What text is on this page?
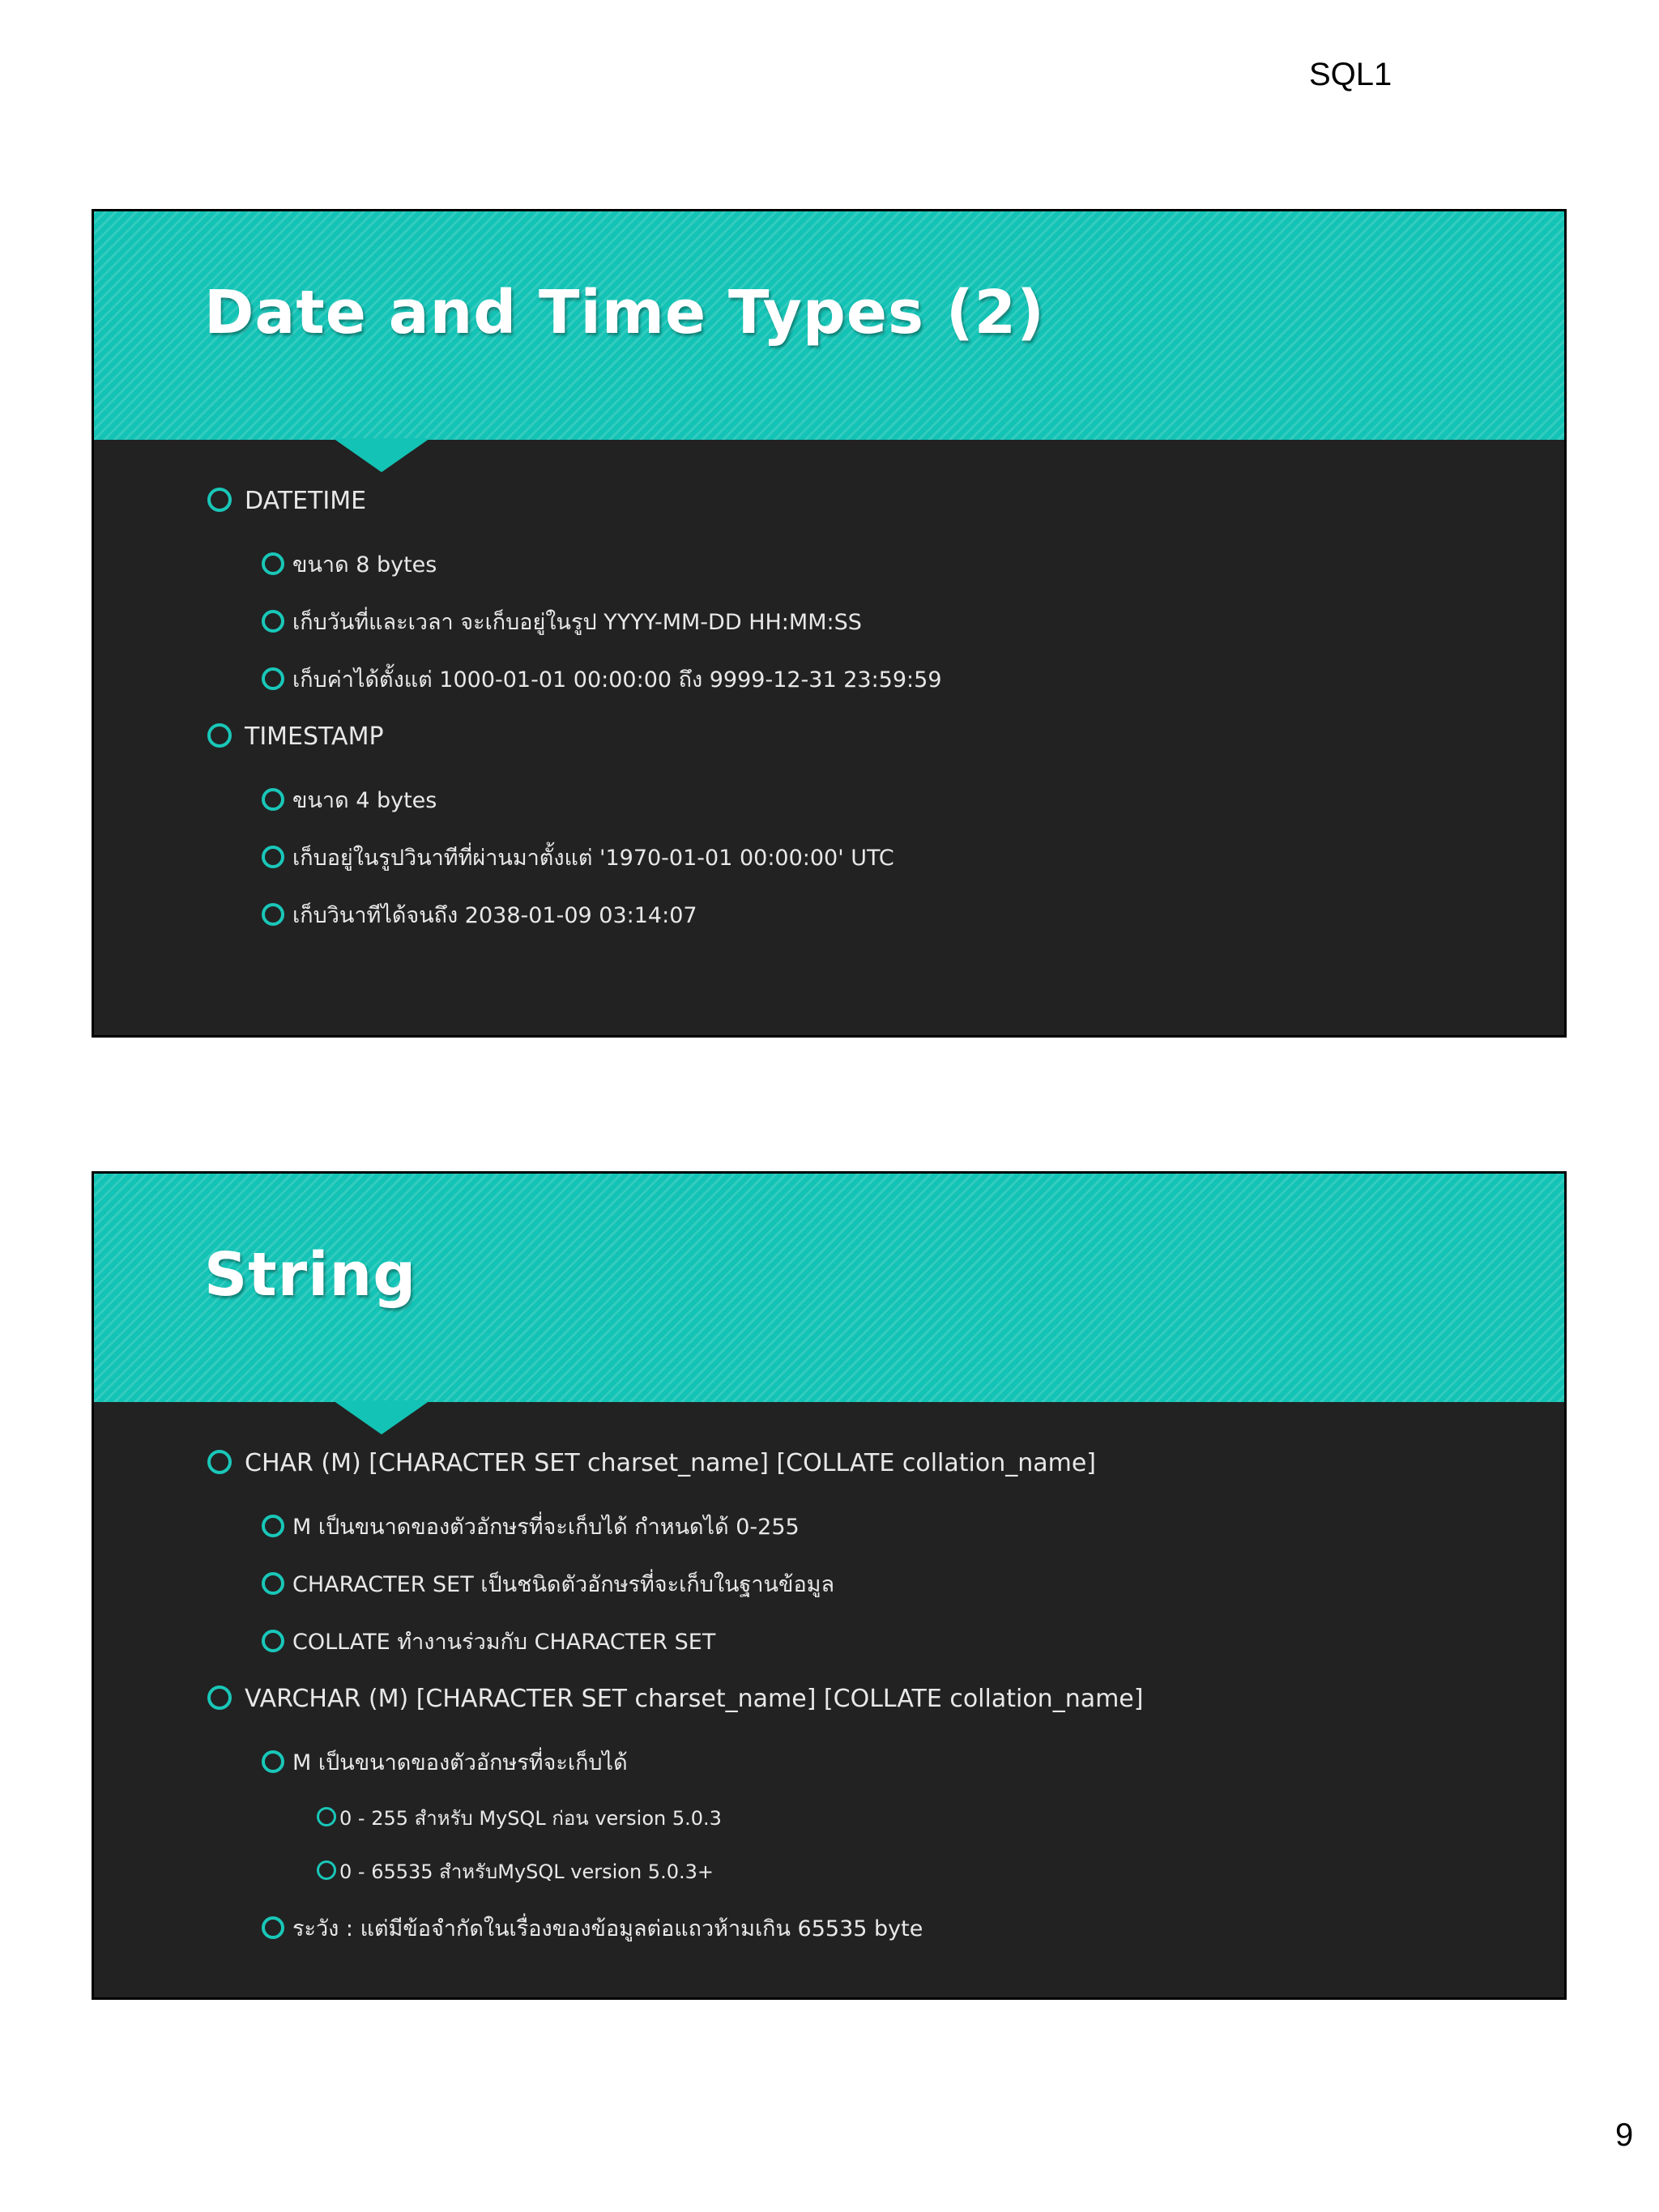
SQL1
Date and Time Types (2)
DATETIME
ขนาด 8 bytes
เก็บวันที่และเวลา จะเก็บอยู่ในรูป YYYY-MM-DD HH:MM:SS
เก็บค่าได้ตั้งแต่ 1000-01-01 00:00:00 ถึง 9999-12-31 23:59:59
TIMESTAMP
ขนาด 4 bytes
เก็บอยู่ในรูปวินาทีที่ผ่านมาตั้งแต่ '1970-01-01 00:00:00' UTC
เก็บวินาทีได้จนถึง 2038-01-09 03:14:07
String
CHAR (M) [CHARACTER SET charset_name] [COLLATE collation_name]
M เป็นขนาดของตัวอักษรที่จะเก็บได้ กำหนดได้ 0-255
CHARACTER SET เป็นชนิดตัวอักษรที่จะเก็บในฐานข้อมูล
COLLATE ทำงานร่วมกับ CHARACTER SET
VARCHAR (M) [CHARACTER SET charset_name] [COLLATE collation_name]
M เป็นขนาดของตัวอักษรที่จะเก็บได้
0 - 255 สำหรับ MySQL ก่อน version 5.0.3
0 - 65535 สำหรับMySQL version 5.0.3+
ระวัง : แต่มีข้อจำกัดในเรื่องของข้อมูลต่อแถวห้ามเกิน 65535 byte
9
